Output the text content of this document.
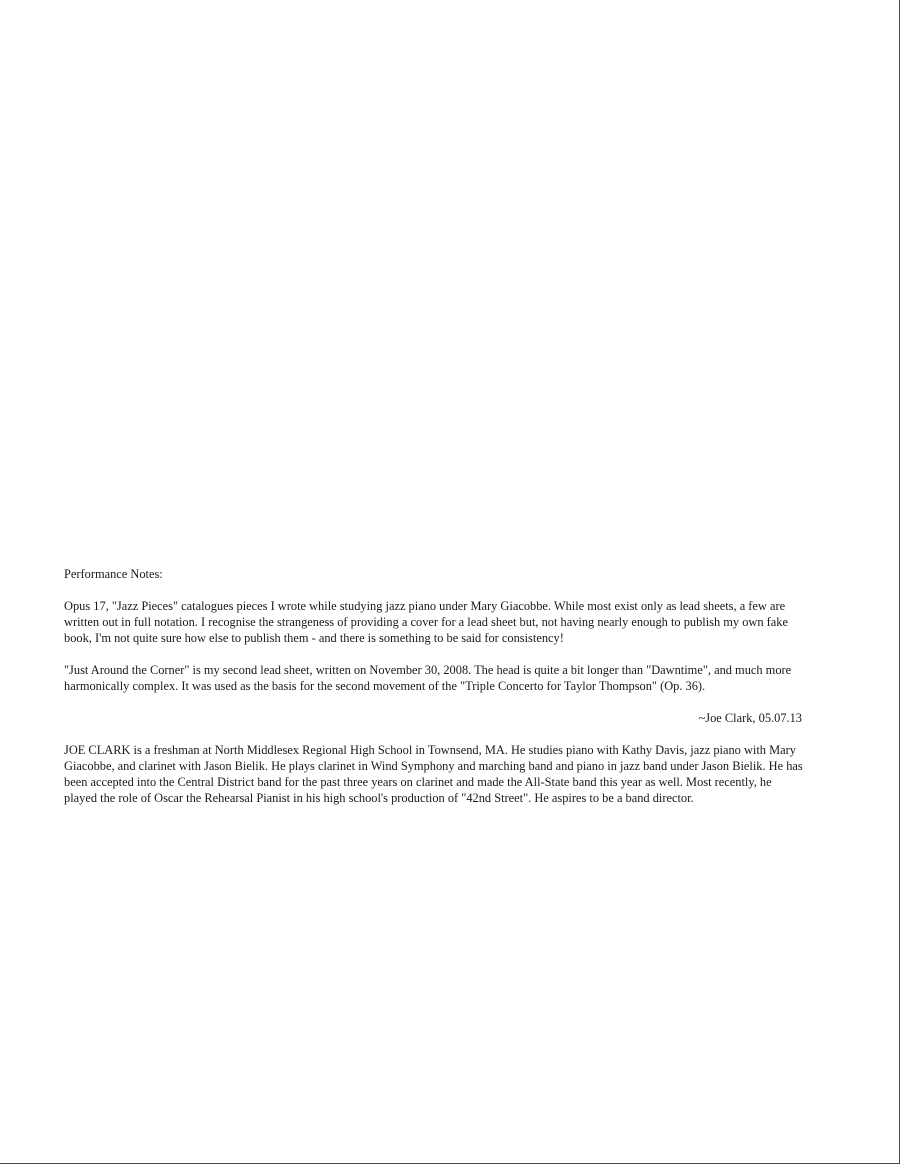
Performance Notes:

Opus 17, "Jazz Pieces" catalogues pieces I wrote while studying jazz piano under Mary Giacobbe. While most exist only as lead sheets, a few are written out in full notation. I recognise the strangeness of providing a cover for a lead sheet but, not having nearly enough to publish my own fake book, I'm not quite sure how else to publish them - and there is something to be said for consistency!

"Just Around the Corner" is my second lead sheet, written on November 30, 2008. The head is quite a bit longer than "Dawntime", and much more harmonically complex. It was used as the basis for the second movement of the "Triple Concerto for Taylor Thompson" (Op. 36).

~Joe Clark, 05.07.13

JOE CLARK is a freshman at North Middlesex Regional High School in Townsend, MA. He studies piano with Kathy Davis, jazz piano with Mary Giacobbe, and clarinet with Jason Bielik. He plays clarinet in Wind Symphony and marching band and piano in jazz band under Jason Bielik. He has been accepted into the Central District band for the past three years on clarinet and made the All-State band this year as well. Most recently, he played the role of Oscar the Rehearsal Pianist in his high school's production of "42nd Street". He aspires to be a band director.
